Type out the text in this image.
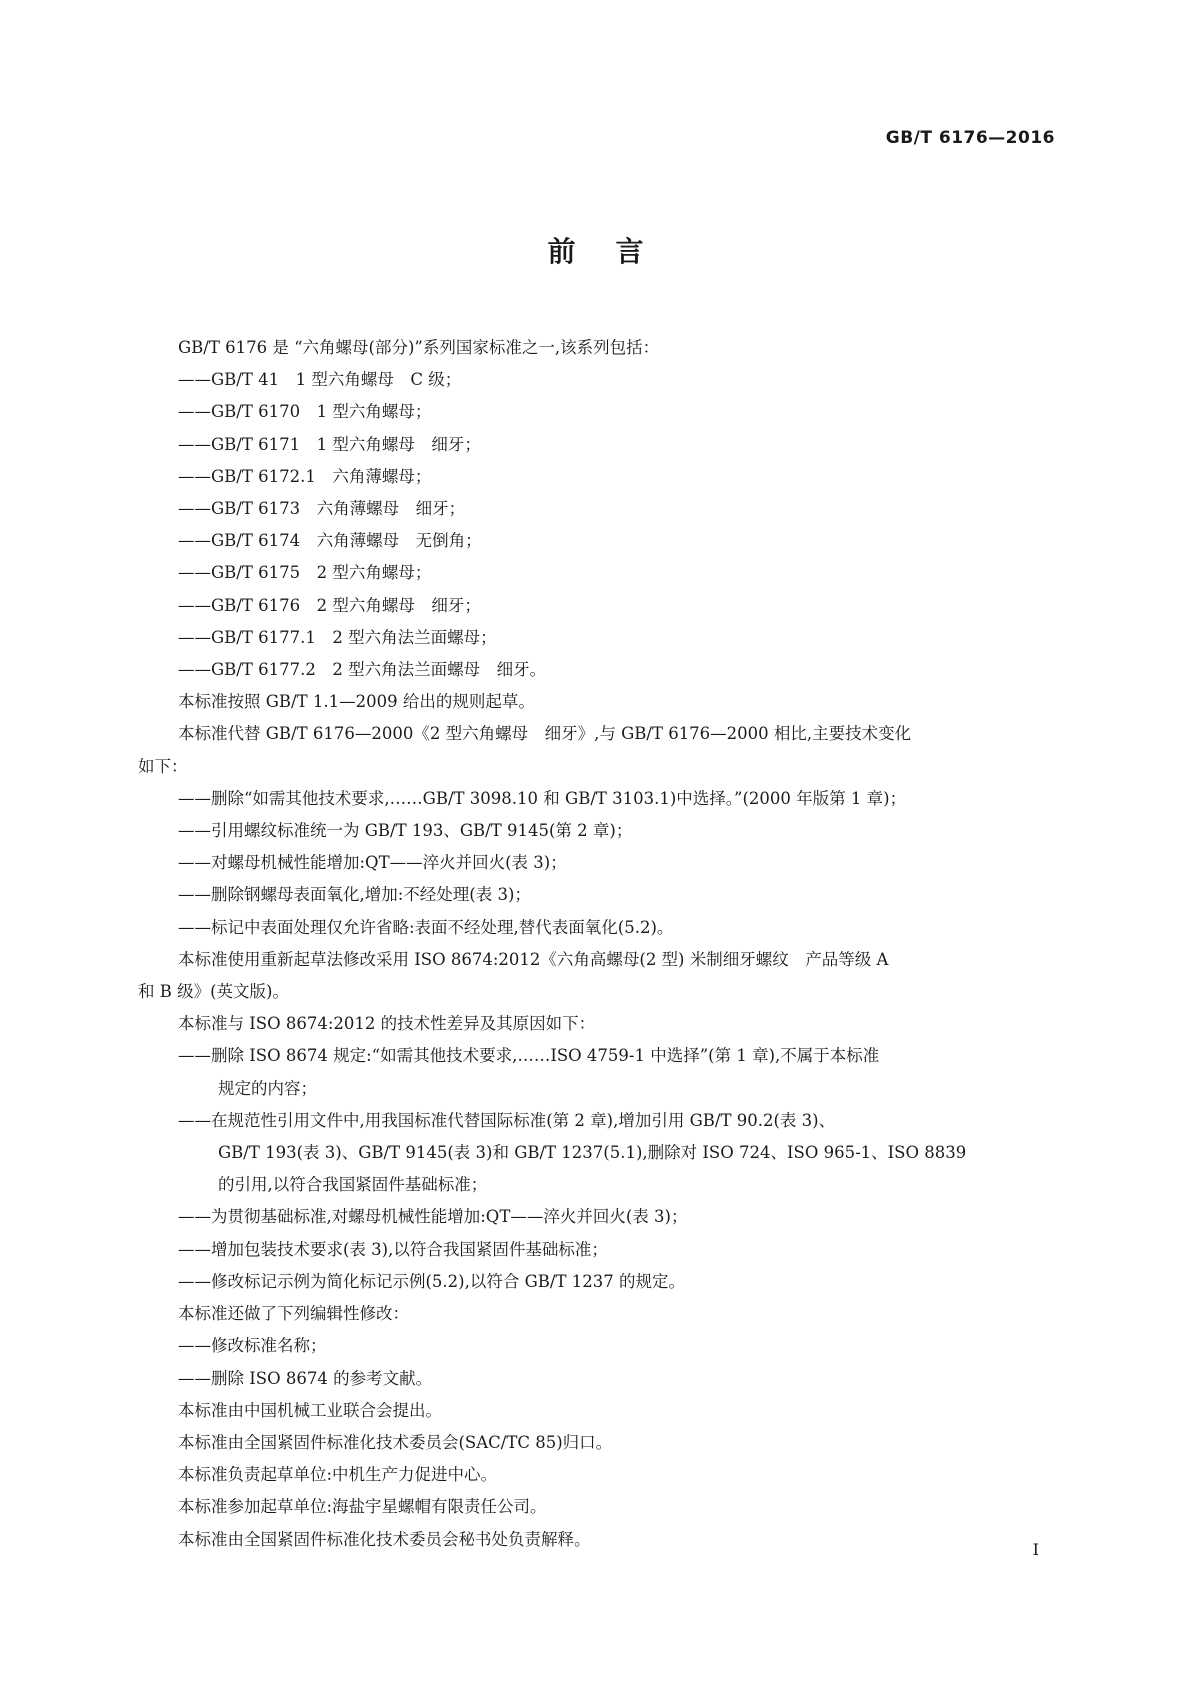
GB/T 6176—2016
前言
GB/T 6176 是 “六角螺母(部分)”系列国家标准之一,该系列包括：
——GB/T 41　1 型六角螺母　C 级；
——GB/T 6170　1 型六角螺母；
——GB/T 6171　1 型六角螺母　细牙；
——GB/T 6172.1　六角薄螺母；
——GB/T 6173　六角薄螺母　细牙；
——GB/T 6174　六角薄螺母　无倒角；
——GB/T 6175　2 型六角螺母；
——GB/T 6176　2 型六角螺母　细牙；
——GB/T 6177.1　2 型六角法兰面螺母；
——GB/T 6177.2　2 型六角法兰面螺母　细牙。
本标准按照 GB/T 1.1—2009 给出的规则起草。
本标准代替 GB/T 6176—2000《2 型六角螺母　细牙》,与 GB/T 6176—2000 相比,主要技术变化
如下：
——删除“如需其他技术要求,……GB/T 3098.10 和 GB/T 3103.1)中选择。”(2000 年版第 1 章)；
——引用螺纹标准统一为 GB/T 193、GB/T 9145(第 2 章)；
——对螺母机械性能增加:QT——淬火并回火(表 3)；
——删除钢螺母表面氧化,增加:不经处理(表 3)；
——标记中表面处理仅允许省略:表面不经处理,替代表面氧化(5.2)。
本标准使用重新起草法修改采用 ISO 8674:2012《六角高螺母(2 型) 米制细牙螺纹　产品等级 A
和 B 级》(英文版)。
本标准与 ISO 8674:2012 的技术性差异及其原因如下：
——删除 ISO 8674 规定:“如需其他技术要求,……ISO 4759-1 中选择”(第 1 章),不属于本标准
规定的内容；
——在规范性引用文件中,用我国标准代替国际标准(第 2 章),增加引用 GB/T 90.2(表 3)、
GB/T 193(表 3)、GB/T 9145(表 3)和 GB/T 1237(5.1),删除对 ISO 724、ISO 965-1、ISO 8839
的引用,以符合我国紧固件基础标准；
——为贯彻基础标准,对螺母机械性能增加:QT——淬火并回火(表 3)；
——增加包装技术要求(表 3),以符合我国紧固件基础标准；
——修改标记示例为简化标记示例(5.2),以符合 GB/T 1237 的规定。
本标准还做了下列编辑性修改：
——修改标准名称；
——删除 ISO 8674 的参考文献。
本标准由中国机械工业联合会提出。
本标准由全国紧固件标准化技术委员会(SAC/TC 85)归口。
本标准负责起草单位:中机生产力促进中心。
本标准参加起草单位:海盐宇星螺帽有限责任公司。
本标准由全国紧固件标准化技术委员会秘书处负责解释。
I
